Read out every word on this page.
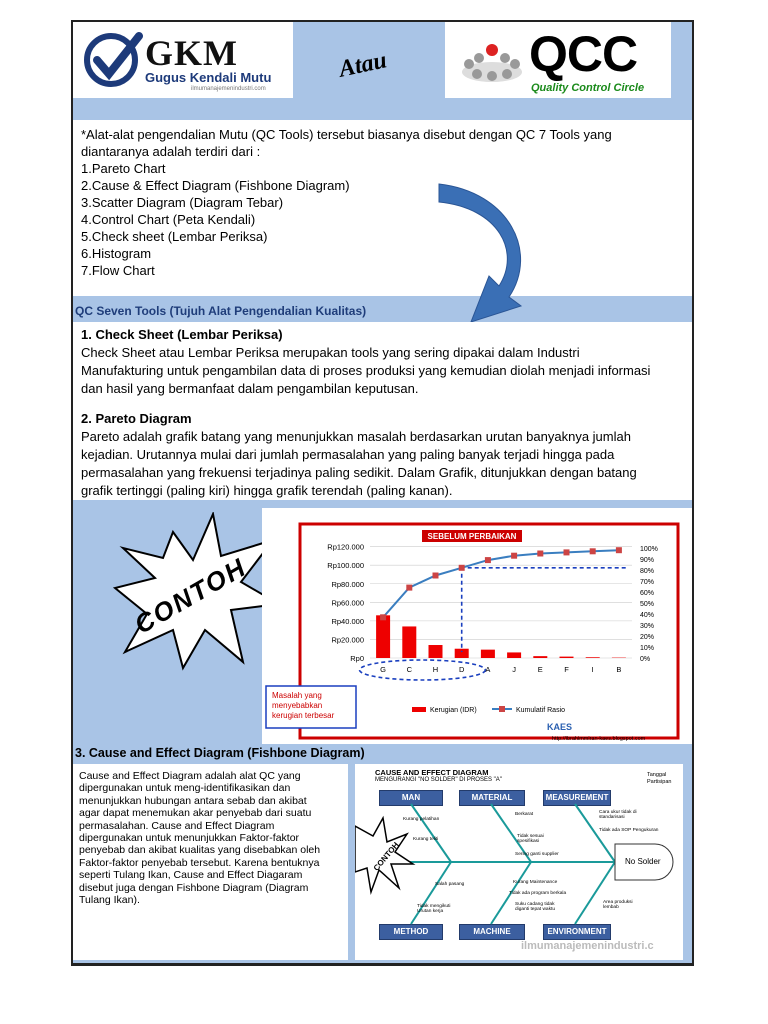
GKM
Gugus Kendali Mutu
ilmumanajemenindustri.com
Atau	QCC
Quality Control Circle

*Alat-alat pengendalian Mutu (QC Tools) tersebut biasanya disebut dengan QC 7 Tools yang diantaranya adalah terdiri dari :

1.Pareto Chart

2.Cause & Effect Diagram (Fishbone Diagram)

3.Scatter Diagram (Diagram Tebar)

4.Control Chart (Peta Kendali)

5.Check sheet (Lembar Periksa)

6.Histogram

7.Flow Chart

QC Seven Tools (Tujuh Alat Pengendalian Kualitas)

1. Check Sheet (Lembar Periksa)

Check Sheet atau Lembar Periksa merupakan tools yang sering dipakai dalam Industri Manufakturing untuk pengambilan data di proses produksi yang kemudian diolah menjadi informasi dan hasil yang bermanfaat dalam pengambilan keputusan.

2. Pareto Diagram

Pareto adalah grafik batang yang menunjukkan masalah berdasarkan urutan banyaknya jumlah kejadian. Urutannya mulai dari jumlah permasalahan yang paling banyak terjadi hingga pada permasalahan yang frekuensi terjadinya paling sedikit. Dalam Grafik, ditunjukkan dengan batang grafik tertinggi (paling kiri) hingga grafik terendah (paling kanan).

CONTOH
SEBELUM PERBAIKAN
Rp0
Rp20.000
Rp40.000
Rp60.000
Rp80.000
Rp100.000
Rp120.000
0%
10%
20%
30%
40%
50%
60%
70%
80%
90%
100%
G	C	H	D	A	J	E	F	I	B
Masalah yang
menyebabkan
kerugian terbesar
Kerugian (IDR)	Kumulatif Rasio
KAES
http://ibrahimmiran-kaes.blogspot.com
3. Cause and Effect Diagram (Fishbone Diagram)

Cause and Effect Diagram adalah alat QC yang dipergunakan untuk meng-identifikasikan dan menunjukkan hubungan antara sebab dan akibat agar dapat menemukan akar penyebab dari suatu permasalahan. Cause and Effect Diagram dipergunakan untuk menunjukkan Faktor-faktor penyebab dan akibat kualitas yang disebabkan oleh Faktor-faktor penyebab tersebut. Karena bentuknya seperti Tulang Ikan, Cause and Effect Diagaram disebut juga dengan Fishbone Diagram (Diagram Tulang Ikan).

CAUSE AND EFFECT DIAGRAM
MENGURANGI "NO SOLDER" DI PROSES "A"
Tanggal
Partisipan
MAN	MATERIAL	MEASUREMENT
METHOD	MACHINE	ENVIRONMENT
No Solder
Kurang pelatihan
Kurang teliti
Berkarat
Tidak sesuai spesifikasi
Sering ganti supplier
Cara ukur tidak di standarisasi
Tidak ada SOP Pengukuran
Salah pasang
Tidak mengikuti Urutan kerja
Kurang Maintenance
Tidak ada program berkala
Suku cadang tidak diganti tepat waktu
Area produksi lembab
CONTOH
ilmumanajemenindustri.c
